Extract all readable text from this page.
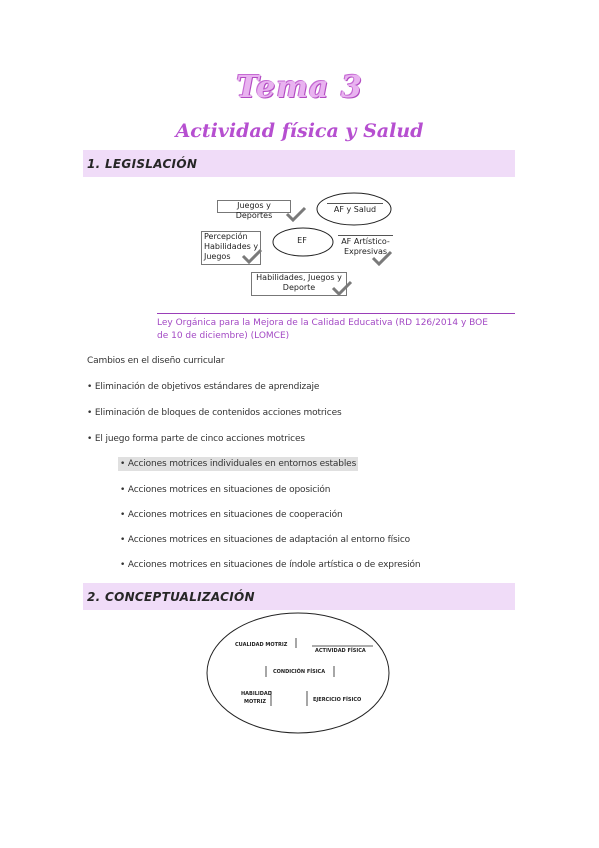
Tema 3
Actividad física y Salud
1. LEGISLACIÓN
Juegos y Deportes
AF y Salud
Percepción Habilidades y Juegos
EF	AF Artístico-Expresivas
Habilidades, Juegos y Deporte
Ley Orgánica para la Mejora de la Calidad Educativa (RD 126/2014 y BOE de 10 de diciembre) (LOMCE)
Cambios en el diseño curricular
• Eliminación de objetivos estándares de aprendizaje
• Eliminación de bloques de contenidos acciones motrices
• El juego forma parte de cinco acciones motrices
• Acciones motrices individuales en entornos estables
• Acciones motrices en situaciones de oposición
• Acciones motrices en situaciones de cooperación
• Acciones motrices en situaciones de adaptación al entorno físico
• Acciones motrices en situaciones de índole artística o de expresión
2. CONCEPTUALIZACIÓN
CUALIDAD MOTRIZ
ACTIVIDAD FÍSICA
CONDICIÓN FÍSICA
HABILIDAD MOTRIZ	EJERCICIO FÍSICO
